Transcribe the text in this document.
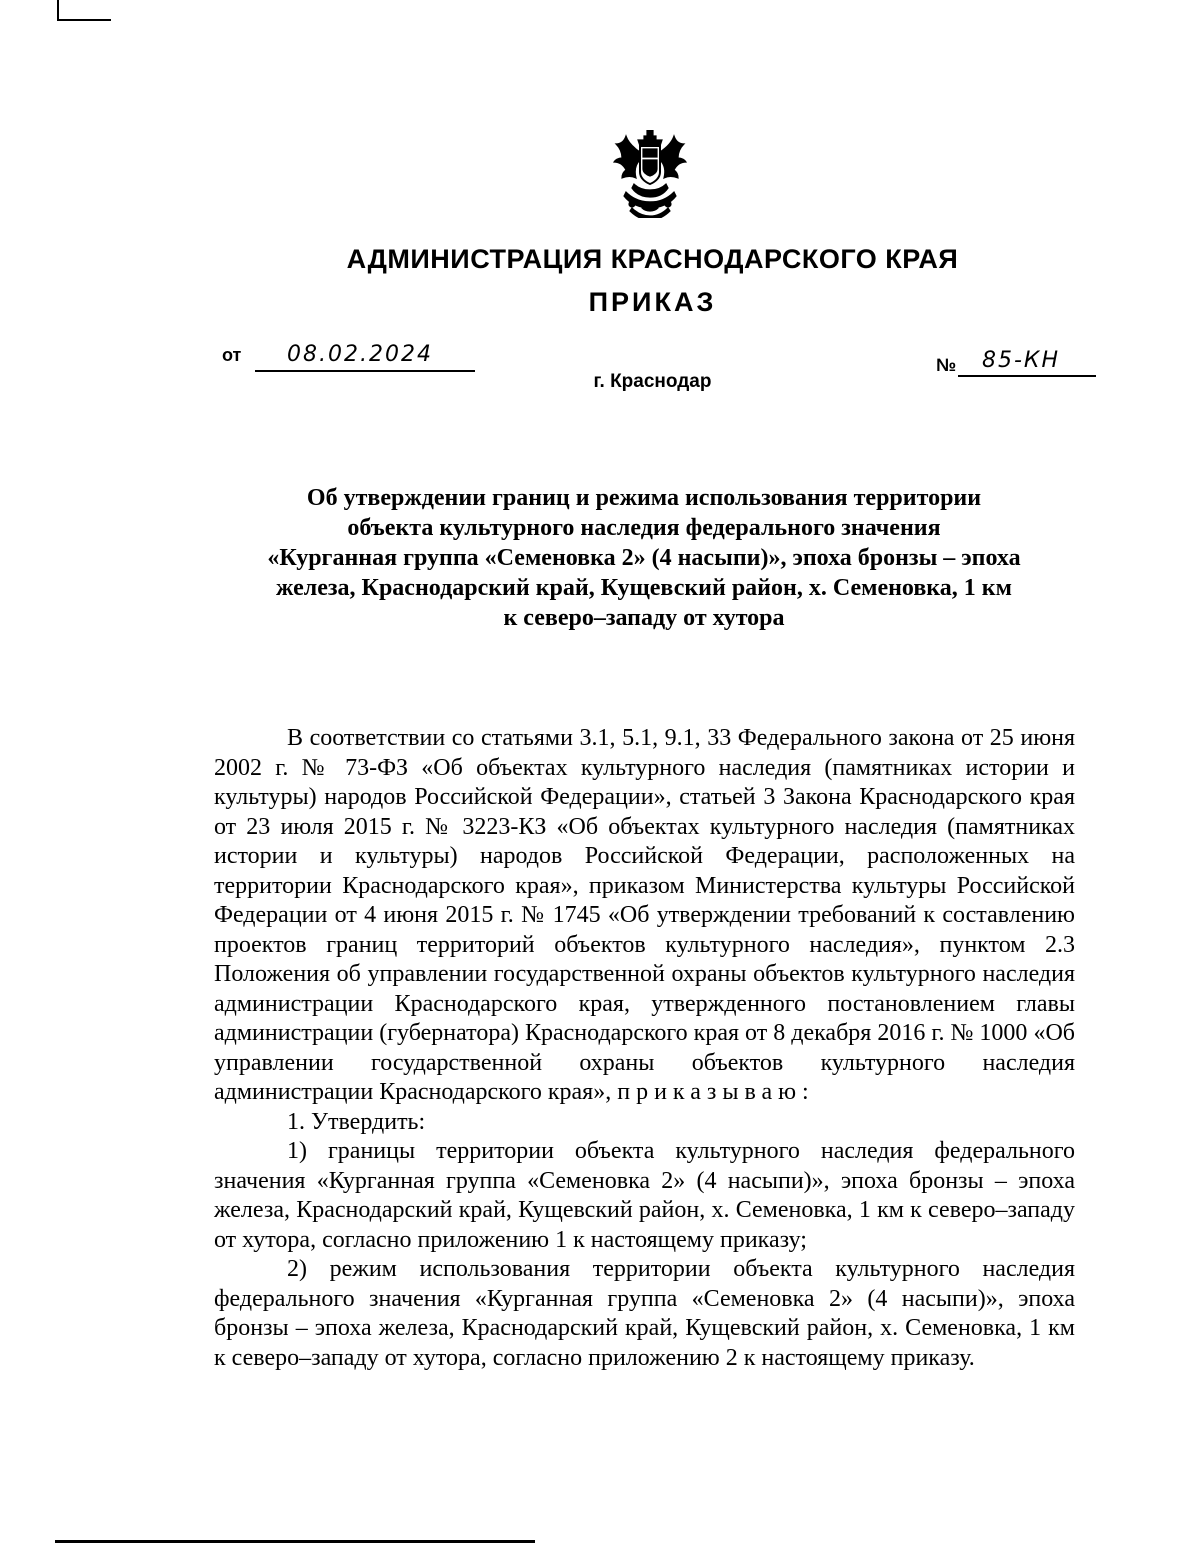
АДМИНИСТРАЦИЯ КРАСНОДАРСКОГО КРАЯ
ПРИКАЗ
от 08.02.2024	№ 85-КН
г. Краснодар
Об утверждении границ и режима использования территории
объекта культурного наследия федерального значения
«Курганная группа «Семеновка 2» (4 насыпи)», эпоха бронзы – эпоха
железа, Краснодарский край, Кущевский район, х. Семеновка, 1 км
к северо–западу от хутора

В соответствии со статьями 3.1, 5.1, 9.1, 33 Федерального закона от 25 июня 2002 г. № 73-ФЗ «Об объектах культурного наследия (памятниках истории и культуры) народов Российской Федерации», статьей 3 Закона Краснодарского края от 23 июля 2015 г. № 3223-КЗ «Об объектах культурного наследия (памятниках истории и культуры) народов Российской Федерации, расположенных на территории Краснодарского края», приказом Министерства культуры Российской Федерации от 4 июня 2015 г. № 1745 «Об утверждении требований к составлению проектов границ территорий объектов культурного наследия», пунктом 2.3 Положения об управлении государственной охраны объектов культурного наследия администрации Краснодарского края, утвержденного постановлением главы администрации (губернатора) Краснодарского края от 8 декабря 2016 г. № 1000 «Об управлении государственной охраны объектов культурного наследия администрации Краснодарского края», приказываю:

1. Утвердить:

1) границы территории объекта культурного наследия федерального значения «Курганная группа «Семеновка 2» (4 насыпи)», эпоха бронзы – эпоха железа, Краснодарский край, Кущевский район, х. Семеновка, 1 км к северо–западу от хутора, согласно приложению 1 к настоящему приказу;

2) режим использования территории объекта культурного наследия федерального значения «Курганная группа «Семеновка 2» (4 насыпи)», эпоха бронзы – эпоха железа, Краснодарский край, Кущевский район, х. Семеновка, 1 км к северо–западу от хутора, согласно приложению 2 к настоящему приказу.
